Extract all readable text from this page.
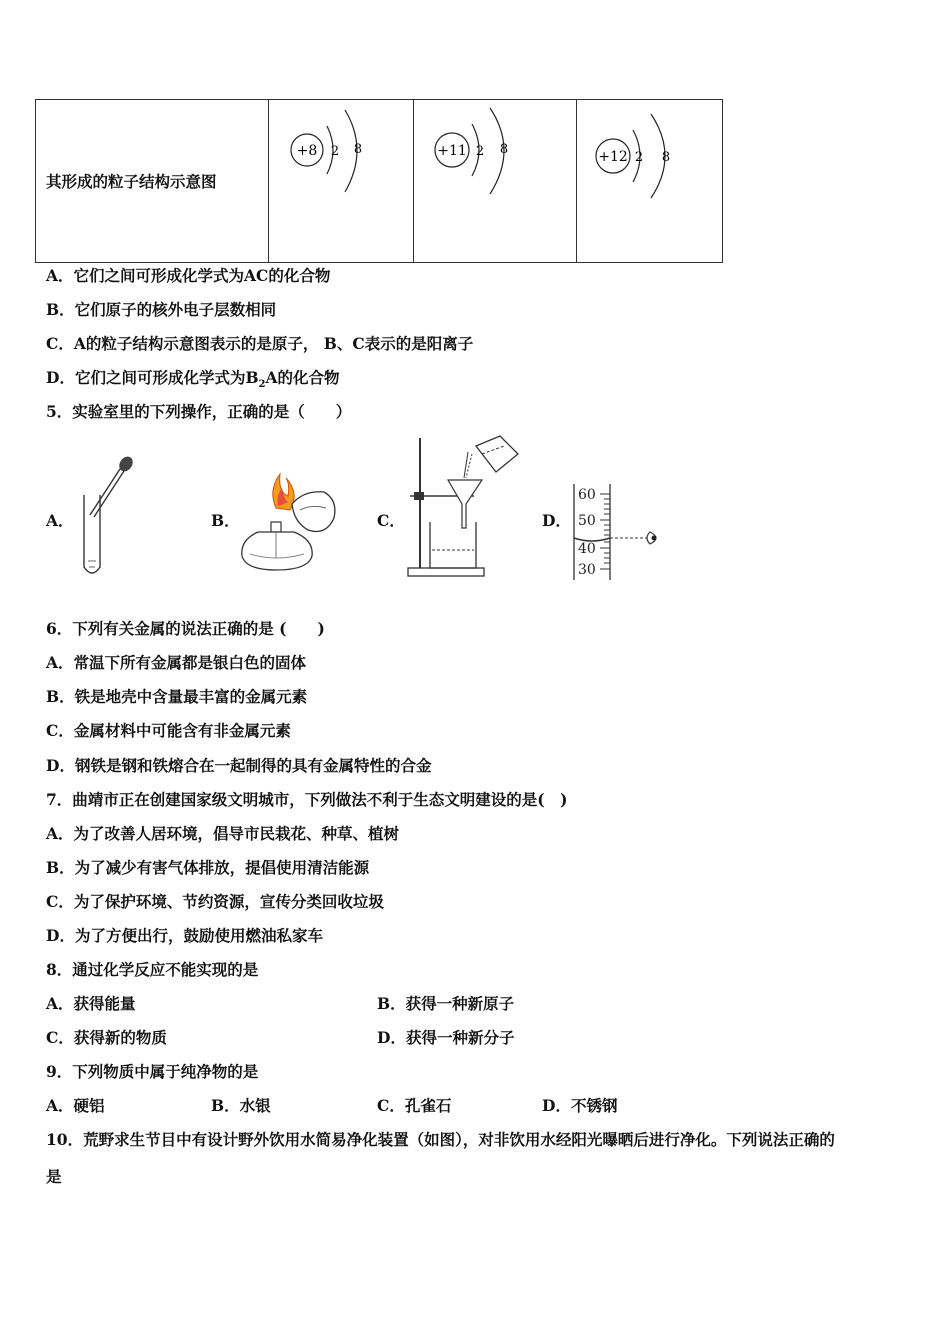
其形成的粒子结构示意图	
+8 2 8	+11 2 8	+12 2 8
A．它们之间可形成化学式为AC的化合物
B．它们原子的核外电子层数相同
C．A的粒子结构示意图表示的是原子， B、C表示的是阳离子
D．它们之间可形成化学式为$B_2A$的化合物
5．实验室里的下列操作，正确的是（　　）
A．	B．	C．	D．
60
50
40
30
6．下列有关金属的说法正确的是 (　　)
A．常温下所有金属都是银白色的固体
B．铁是地壳中含量最丰富的金属元素
C．金属材料中可能含有非金属元素
D．钢铁是钢和铁熔合在一起制得的具有金属特性的合金
7．曲靖市正在创建国家级文明城市，下列做法不利于生态文明建设的是(　)
A．为了改善人居环境，倡导市民栽花、种草、植树
B．为了减少有害气体排放，提倡使用清洁能源
C．为了保护环境、节约资源，宣传分类回收垃圾
D．为了方便出行，鼓励使用燃油私家车
8．通过化学反应不能实现的是
A．获得能量	B．获得一种新原子
C．获得新的物质	D．获得一种新分子
9．下列物质中属于纯净物的是
A．硬铝	B．水银	C．孔雀石	D．不锈钢
10．荒野求生节目中有设计野外饮用水简易净化装置（如图），对非饮用水经阳光曝晒后进行净化。下列说法正确的
是
